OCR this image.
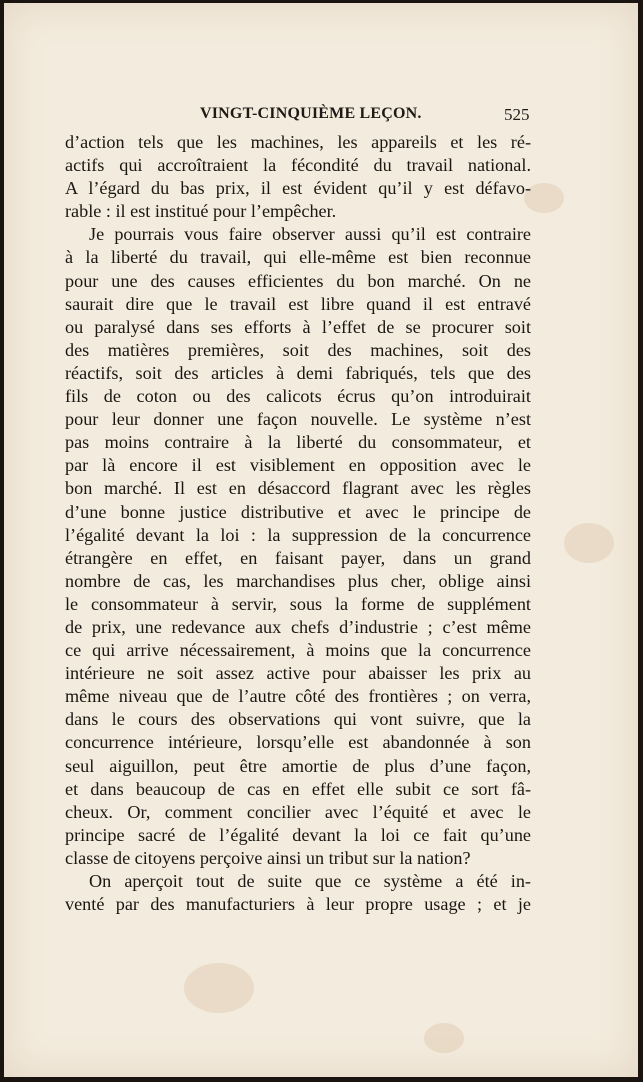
VINGT-CINQUIÈME LEÇON.	525
d’action tels que les machines, les appareils et les ré-
actifs qui accroîtraient la fécondité du travail national.
A l’égard du bas prix, il est évident qu’il y est défavo-
rable : il est institué pour l’empêcher.
Je pourrais vous faire observer aussi qu’il est contraire
à la liberté du travail, qui elle-même est bien reconnue
pour une des causes efficientes du bon marché. On ne
saurait dire que le travail est libre quand il est entravé
ou paralysé dans ses efforts à l’effet de se procurer soit
des matières premières, soit des machines, soit des
réactifs, soit des articles à demi fabriqués, tels que des
fils de coton ou des calicots écrus qu’on introduirait
pour leur donner une façon nouvelle. Le système n’est
pas moins contraire à la liberté du consommateur, et
par là encore il est visiblement en opposition avec le
bon marché. Il est en désaccord flagrant avec les règles
d’une bonne justice distributive et avec le principe de
l’égalité devant la loi : la suppression de la concurrence
étrangère en effet, en faisant payer, dans un grand
nombre de cas, les marchandises plus cher, oblige ainsi
le consommateur à servir, sous la forme de supplément
de prix, une redevance aux chefs d’industrie ; c’est même
ce qui arrive nécessairement, à moins que la concurrence
intérieure ne soit assez active pour abaisser les prix au
même niveau que de l’autre côté des frontières ; on verra,
dans le cours des observations qui vont suivre, que la
concurrence intérieure, lorsqu’elle est abandonnée à son
seul aiguillon, peut être amortie de plus d’une façon,
et dans beaucoup de cas en effet elle subit ce sort fâ-
cheux. Or, comment concilier avec l’équité et avec le
principe sacré de l’égalité devant la loi ce fait qu’une
classe de citoyens perçoive ainsi un tribut sur la nation?
On aperçoit tout de suite que ce système a été in-
venté par des manufacturiers à leur propre usage ; et je
